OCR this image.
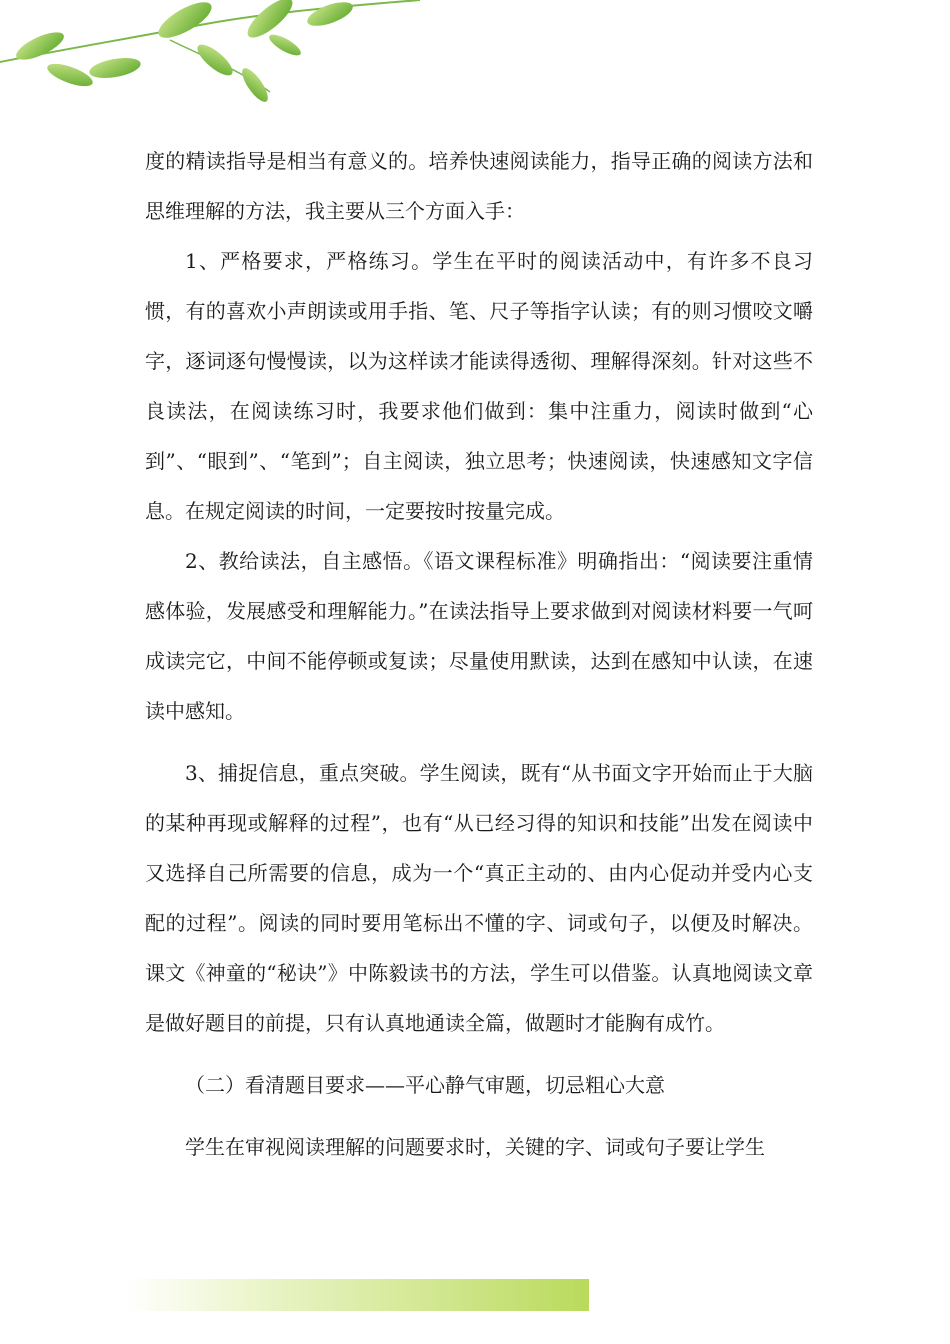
度的精读指导是相当有意义的。培养快速阅读能力，指导正确的阅读方法和思维理解的方法，我主要从三个方面入手：

1、严格要求，严格练习。学生在平时的阅读活动中，有许多不良习惯，有的喜欢小声朗读或用手指、笔、尺子等指字认读；有的则习惯咬文嚼字，逐词逐句慢慢读，以为这样读才能读得透彻、理解得深刻。针对这些不良读法，在阅读练习时，我要求他们做到：集中注重力，阅读时做到“心到”、“眼到”、“笔到”；自主阅读，独立思考；快速阅读，快速感知文字信息。在规定阅读的时间，一定要按时按量完成。

2、教给读法，自主感悟。《语文课程标准》明确指出：“阅读要注重情感体验，发展感受和理解能力。”在读法指导上要求做到对阅读材料要一气呵成读完它，中间不能停顿或复读；尽量使用默读，达到在感知中认读，在速读中感知。

3、捕捉信息，重点突破。学生阅读，既有“从书面文字开始而止于大脑的某种再现或解释的过程”，也有“从已经习得的知识和技能”出发在阅读中又选择自己所需要的信息，成为一个“真正主动的、由内心促动并受内心支配的过程”。阅读的同时要用笔标出不懂的字、词或句子，以便及时解决。课文《神童的“秘诀”》中陈毅读书的方法，学生可以借鉴。认真地阅读文章是做好题目的前提，只有认真地通读全篇，做题时才能胸有成竹。

（二）看清题目要求——平心静气审题，切忌粗心大意

学生在审视阅读理解的问题要求时，关键的字、词或句子要让学生
